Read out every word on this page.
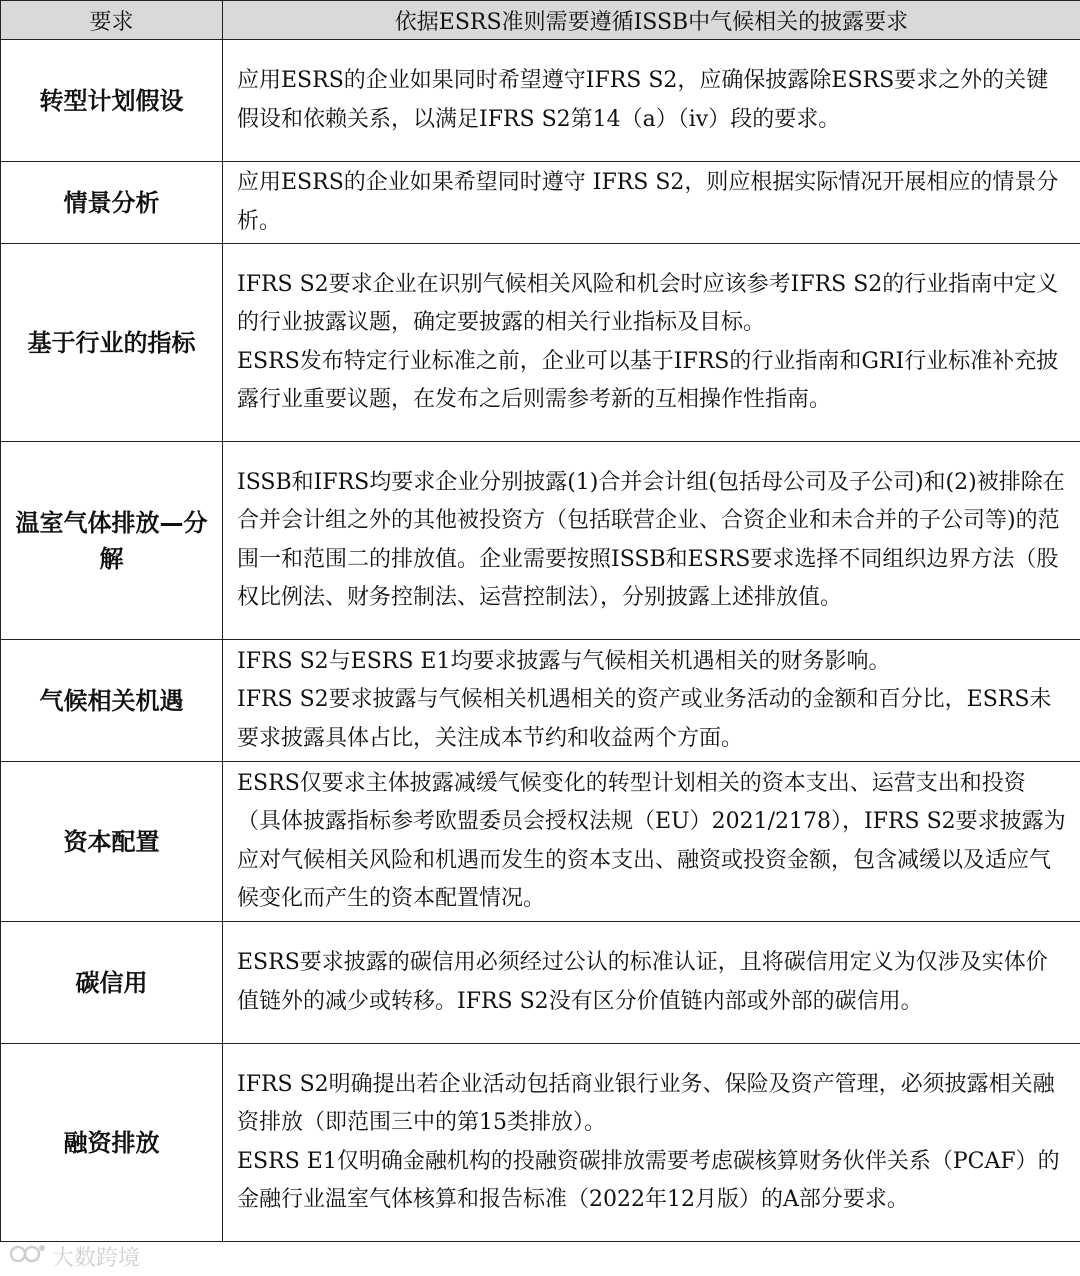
要求	依据ESRS准则需要遵循ISSB中气候相关的披露要求
转型计划假设	应用ESRS的企业如果同时希望遵守IFRS S2，应确保披露除ESRS要求之外的关键假设和依赖关系，以满足IFRS S2第14（a）（iv）段的要求。

情景分析	应用ESRS的企业如果希望同时遵守 IFRS S2，则应根据实际情况开展相应的情景分析。

基于行业的指标	IFRS S2要求企业在识别气候相关风险和机会时应该参考IFRS S2的行业指南中定义的行业披露议题，确定要披露的相关行业指标及目标。

ESRS发布特定行业标准之前，企业可以基于IFRS的行业指南和GRI行业标准补充披露行业重要议题，在发布之后则需参考新的互相操作性指南。

温室气体排放—分解	ISSB和IFRS均要求企业分别披露(1)合并会计组(包括母公司及子公司)和(2)被排除在合并会计组之外的其他被投资方（包括联营企业、合资企业和未合并的子公司等)的范围一和范围二的排放值。企业需要按照ISSB和ESRS要求选择不同组织边界方法（股权比例法、财务控制法、运营控制法），分别披露上述排放值。

气候相关机遇	IFRS S2与ESRS E1均要求披露与气候相关机遇相关的财务影响。

IFRS S2要求披露与气候相关机遇相关的资产或业务活动的金额和百分比，ESRS未要求披露具体占比，关注成本节约和收益两个方面。

资本配置	ESRS仅要求主体披露减缓气候变化的转型计划相关的资本支出、运营支出和投资（具体披露指标参考欧盟委员会授权法规（EU）2021/2178），IFRS S2要求披露为应对气候相关风险和机遇而发生的资本支出、融资或投资金额，包含减缓以及适应气候变化而产生的资本配置情况。

碳信用	ESRS要求披露的碳信用必须经过公认的标准认证，且将碳信用定义为仅涉及实体价值链外的减少或转移。IFRS S2没有区分价值链内部或外部的碳信用。

融资排放	IFRS S2明确提出若企业活动包括商业银行业务、保险及资产管理，必须披露相关融资排放（即范围三中的第15类排放）。

ESRS E1仅明确金融机构的投融资碳排放需要考虑碳核算财务伙伴关系（PCAF）的金融行业温室气体核算和报告标准（2022年12月版）的A部分要求。

大数跨境
